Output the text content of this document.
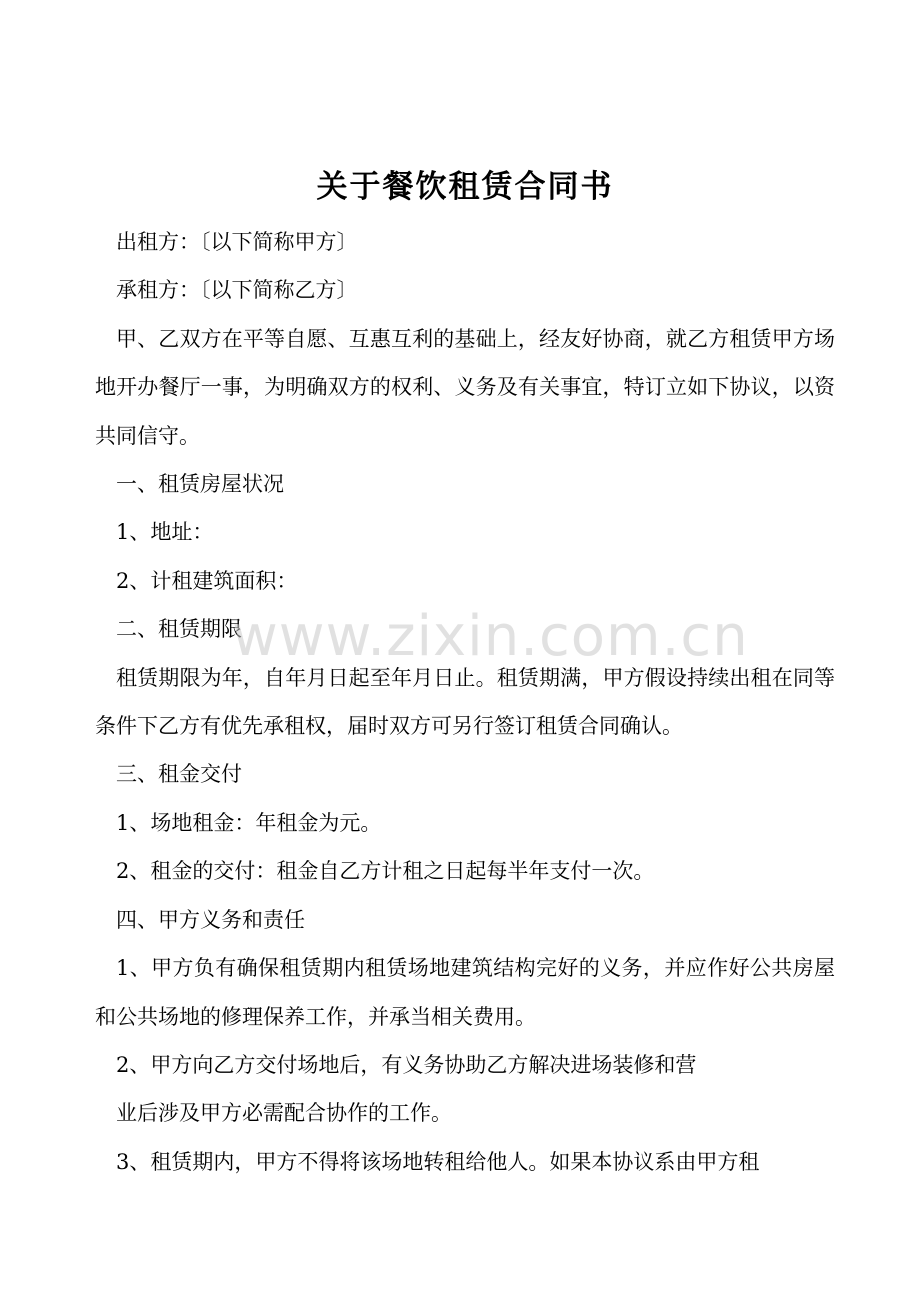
关于餐饮租赁合同书

出租方：〔以下简称甲方〕

承租方：〔以下简称乙方〕

甲、乙双方在平等自愿、互惠互利的基础上，经友好协商，就乙方租赁甲方场地开办餐厅一事，为明确双方的权利、义务及有关事宜，特订立如下协议，以资共同信守。

一、租赁房屋状况

1、地址：

2、计租建筑面积：

二、租赁期限

租赁期限为年，自年月日起至年月日止。租赁期满，甲方假设持续出租在同等条件下乙方有优先承租权，届时双方可另行签订租赁合同确认。

三、租金交付

1、场地租金：年租金为元。

2、租金的交付：租金自乙方计租之日起每半年支付一次。

四、甲方义务和责任

1、甲方负有确保租赁期内租赁场地建筑结构完好的义务，并应作好公共房屋和公共场地的修理保养工作，并承当相关费用。

2、甲方向乙方交付场地后，有义务协助乙方解决进场装修和营

业后涉及甲方必需配合协作的工作。

3、租赁期内，甲方不得将该场地转租给他人。如果本协议系由甲方租

www.zixin.com.cn
